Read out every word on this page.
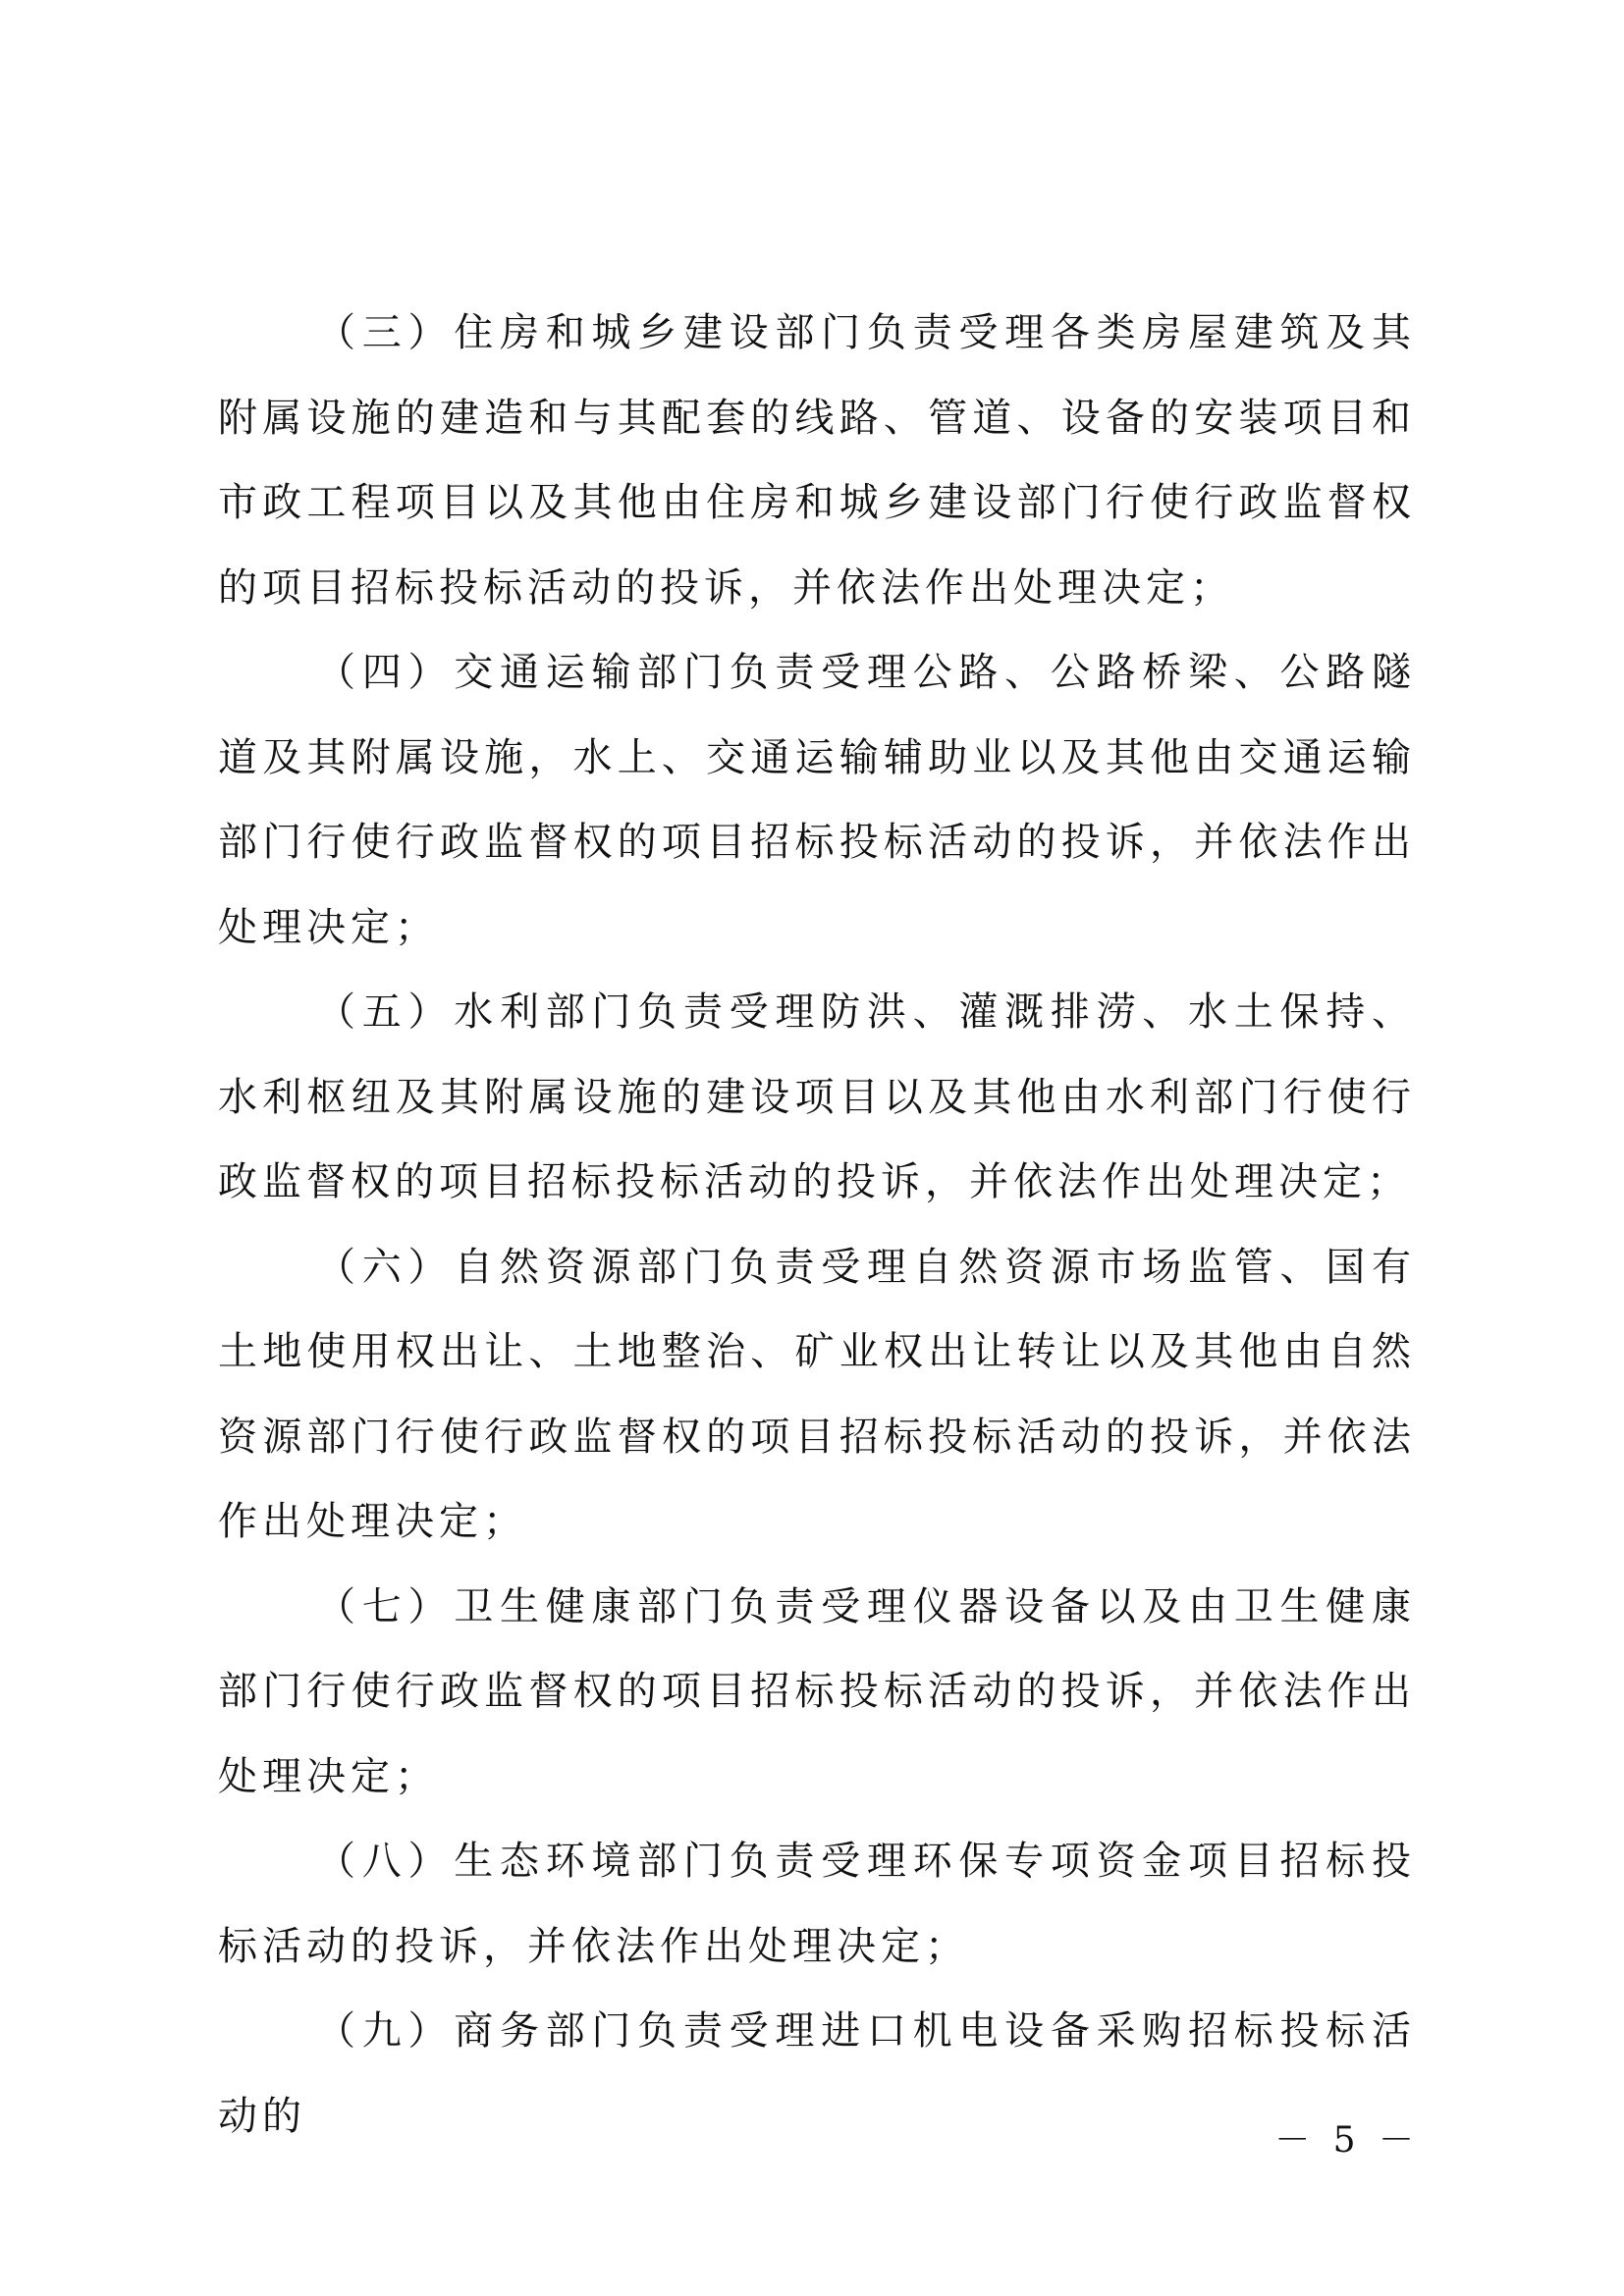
（三）住房和城乡建设部门负责受理各类房屋建筑及其附属设施的建造和与其配套的线路、管道、设备的安装项目和市政工程项目以及其他由住房和城乡建设部门行使行政监督权的项目招标投标活动的投诉，并依法作出处理决定；

（四）交通运输部门负责受理公路、公路桥梁、公路隧道及其附属设施，水上、交通运输辅助业以及其他由交通运输部门行使行政监督权的项目招标投标活动的投诉，并依法作出处理决定；

（五）水利部门负责受理防洪、灌溉排涝、水土保持、水利枢纽及其附属设施的建设项目以及其他由水利部门行使行政监督权的项目招标投标活动的投诉，并依法作出处理决定；

（六）自然资源部门负责受理自然资源市场监管、国有土地使用权出让、土地整治、矿业权出让转让以及其他由自然资源部门行使行政监督权的项目招标投标活动的投诉，并依法作出处理决定；

（七）卫生健康部门负责受理仪器设备以及由卫生健康部门行使行政监督权的项目招标投标活动的投诉，并依法作出处理决定；

（八）生态环境部门负责受理环保专项资金项目招标投标活动的投诉，并依法作出处理决定；

（九）商务部门负责受理进口机电设备采购招标投标活动的

－ 5 －
